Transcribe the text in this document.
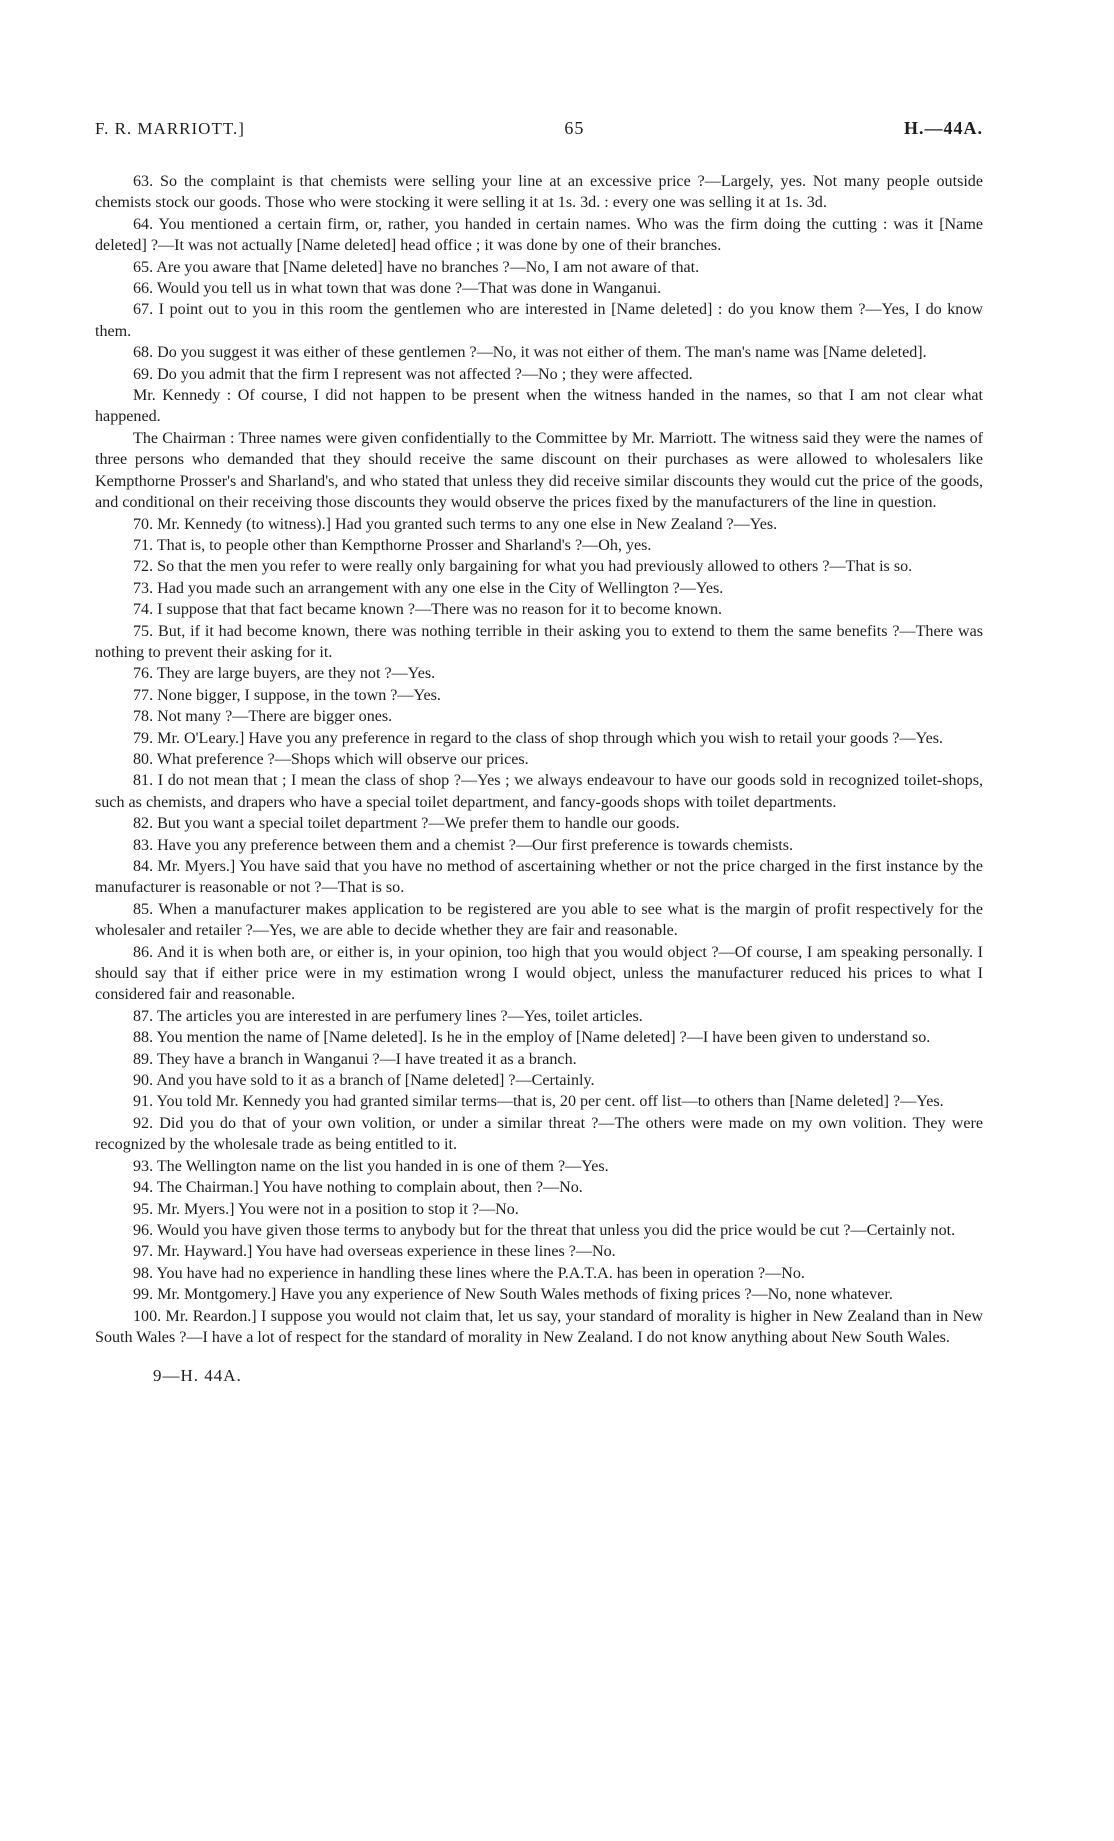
F. R. MARRIOTT.]	65	H.—44A.

63. So the complaint is that chemists were selling your line at an excessive price ?—Largely, yes. Not many people outside chemists stock our goods. Those who were stocking it were selling it at 1s. 3d. : every one was selling it at 1s. 3d.

64. You mentioned a certain firm, or, rather, you handed in certain names. Who was the firm doing the cutting : was it [Name deleted] ?—It was not actually [Name deleted] head office ; it was done by one of their branches.

65. Are you aware that [Name deleted] have no branches ?—No, I am not aware of that.

66. Would you tell us in what town that was done ?—That was done in Wanganui.

67. I point out to you in this room the gentlemen who are interested in [Name deleted] : do you know them ?—Yes, I do know them.

68. Do you suggest it was either of these gentlemen ?—No, it was not either of them. The man's name was [Name deleted].

69. Do you admit that the firm I represent was not affected ?—No ; they were affected.

Mr. Kennedy : Of course, I did not happen to be present when the witness handed in the names, so that I am not clear what happened.

The Chairman : Three names were given confidentially to the Committee by Mr. Marriott. The witness said they were the names of three persons who demanded that they should receive the same discount on their purchases as were allowed to wholesalers like Kempthorne Prosser's and Sharland's, and who stated that unless they did receive similar discounts they would cut the price of the goods, and conditional on their receiving those discounts they would observe the prices fixed by the manufacturers of the line in question.

70. Mr. Kennedy (to witness).] Had you granted such terms to any one else in New Zealand ?—Yes.

71. That is, to people other than Kempthorne Prosser and Sharland's ?—Oh, yes.

72. So that the men you refer to were really only bargaining for what you had previously allowed to others ?—That is so.

73. Had you made such an arrangement with any one else in the City of Wellington ?—Yes.

74. I suppose that that fact became known ?—There was no reason for it to become known.

75. But, if it had become known, there was nothing terrible in their asking you to extend to them the same benefits ?—There was nothing to prevent their asking for it.

76. They are large buyers, are they not ?—Yes.

77. None bigger, I suppose, in the town ?—Yes.

78. Not many ?—There are bigger ones.

79. Mr. O'Leary.] Have you any preference in regard to the class of shop through which you wish to retail your goods ?—Yes.

80. What preference ?—Shops which will observe our prices.

81. I do not mean that ; I mean the class of shop ?—Yes ; we always endeavour to have our goods sold in recognized toilet-shops, such as chemists, and drapers who have a special toilet department, and fancy-goods shops with toilet departments.

82. But you want a special toilet department ?—We prefer them to handle our goods.

83. Have you any preference between them and a chemist ?—Our first preference is towards chemists.

84. Mr. Myers.] You have said that you have no method of ascertaining whether or not the price charged in the first instance by the manufacturer is reasonable or not ?—That is so.

85. When a manufacturer makes application to be registered are you able to see what is the margin of profit respectively for the wholesaler and retailer ?—Yes, we are able to decide whether they are fair and reasonable.

86. And it is when both are, or either is, in your opinion, too high that you would object ?—Of course, I am speaking personally. I should say that if either price were in my estimation wrong I would object, unless the manufacturer reduced his prices to what I considered fair and reasonable.

87. The articles you are interested in are perfumery lines ?—Yes, toilet articles.

88. You mention the name of [Name deleted]. Is he in the employ of [Name deleted] ?—I have been given to understand so.

89. They have a branch in Wanganui ?—I have treated it as a branch.

90. And you have sold to it as a branch of [Name deleted] ?—Certainly.

91. You told Mr. Kennedy you had granted similar terms—that is, 20 per cent. off list—to others than [Name deleted] ?—Yes.

92. Did you do that of your own volition, or under a similar threat ?—The others were made on my own volition. They were recognized by the wholesale trade as being entitled to it.

93. The Wellington name on the list you handed in is one of them ?—Yes.

94. The Chairman.] You have nothing to complain about, then ?—No.

95. Mr. Myers.] You were not in a position to stop it ?—No.

96. Would you have given those terms to anybody but for the threat that unless you did the price would be cut ?—Certainly not.

97. Mr. Hayward.] You have had overseas experience in these lines ?—No.

98. You have had no experience in handling these lines where the P.A.T.A. has been in operation ?—No.

99. Mr. Montgomery.] Have you any experience of New South Wales methods of fixing prices ?—No, none whatever.

100. Mr. Reardon.] I suppose you would not claim that, let us say, your standard of morality is higher in New Zealand than in New South Wales ?—I have a lot of respect for the standard of morality in New Zealand. I do not know anything about New South Wales.

9—H. 44A.
